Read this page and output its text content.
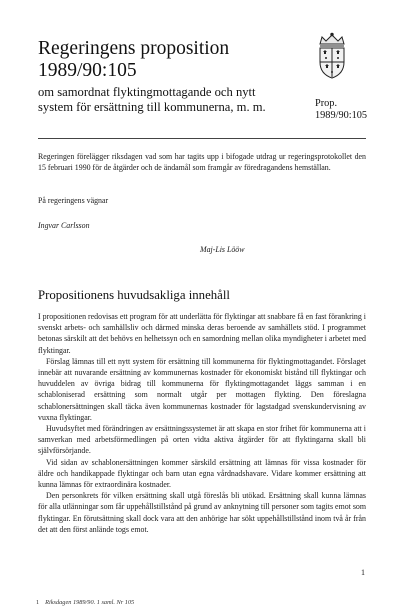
Regeringens proposition
1989/90:105
om samordnat flyktingmottagande och nytt
system för ersättning till kommunerna, m. m.	Prop.
1989/90:105
Regeringen förelägger riksdagen vad som har tagits upp i bifogade utdrag ur regeringsprotokollet den 15 februari 1990 för de åtgärder och de ändamål som framgår av föredragandens hemställan.
På regeringens vägnar
Ingvar Carlsson
Maj-Lis Lööw
Propositionens huvudsakliga innehåll

I propositionen redovisas ett program för att underlätta för flyktingar att snabbare få en fast förankring i svenskt arbets- och samhällsliv och därmed minska deras beroende av samhällets stöd. I programmet betonas särskilt att det behövs en helhetssyn och en samordning mellan olika myndigheter i arbetet med flyktingar.

Förslag lämnas till ett nytt system för ersättning till kommunerna för flyktingmottagandet. Förslaget innebär att nuvarande ersättning av kommunernas kostnader för ekonomiskt bistånd till flyktingar och huvuddelen av övriga bidrag till kommunerna för flyktingmottagandet läggs samman i en schabloniserad ersättning som normalt utgår per mottagen flykting. Den föreslagna schablonersättningen skall täcka även kommunernas kostnader för lagstadgad svenskundervisning av vuxna flyktingar.

Huvudsyftet med förändringen av ersättningssystemet är att skapa en stor frihet för kommunerna att i samverkan med arbetsförmedlingen på orten vidta aktiva åtgärder för att flyktingarna skall bli självförsörjande.

Vid sidan av schablonersättningen kommer särskild ersättning att lämnas för vissa kostnader för äldre och handikappade flyktingar och barn utan egna vårdnadshavare. Vidare kommer ersättning att kunna lämnas för extraordinära kostnader.

Den personkrets för vilken ersättning skall utgå föreslås bli utökad. Ersättning skall kunna lämnas för alla utlänningar som får uppehållstillstånd på grund av anknytning till personer som tagits emot som flyktingar. En förutsättning skall dock vara att den anhörige har sökt uppehållstillstånd inom två år från det att den först anlände togs emot.

1
1 Riksdagen 1989/90. 1 saml. Nr 105
